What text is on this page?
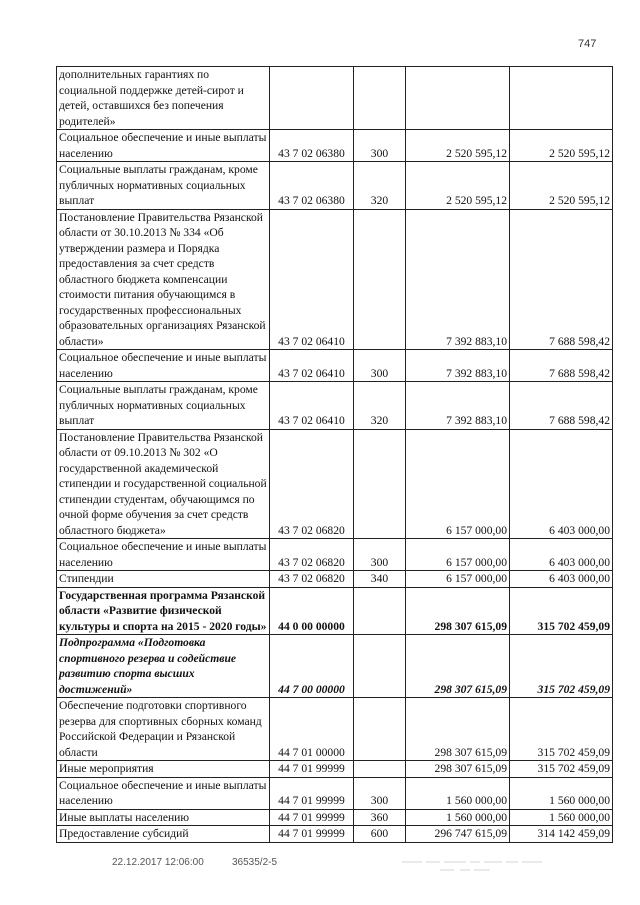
747
дополнительных гарантиях по социальной поддержке детей-сирот и детей, оставшихся без попечения родителей»				
Социальное обеспечение и иные выплаты населению	43 7 02 06380	300	2 520 595,12	2 520 595,12
Социальные выплаты гражданам, кроме публичных нормативных социальных выплат	43 7 02 06380	320	2 520 595,12	2 520 595,12
Постановление Правительства Рязанской области от 30.10.2013 № 334 «Об утверждении размера и Порядка предоставления за счет средств областного бюджета компенсации стоимости питания обучающимся в государственных профессиональных образовательных организациях Рязанской области»	43 7 02 06410		7 392 883,10	7 688 598,42
Социальное обеспечение и иные выплаты населению	43 7 02 06410	300	7 392 883,10	7 688 598,42
Социальные выплаты гражданам, кроме публичных нормативных социальных выплат	43 7 02 06410	320	7 392 883,10	7 688 598,42
Постановление Правительства Рязанской области от 09.10.2013 № 302 «О государственной академической стипендии и государственной социальной стипендии студентам, обучающимся по очной форме обучения за счет средств областного бюджета»	43 7 02 06820		6 157 000,00	6 403 000,00
Социальное обеспечение и иные выплаты населению	43 7 02 06820	300	6 157 000,00	6 403 000,00
Стипендии	43 7 02 06820	340	6 157 000,00	6 403 000,00
Государственная программа Рязанской области «Развитие физической культуры и спорта на 2015 - 2020 годы»	44 0 00 00000		298 307 615,09	315 702 459,09
Подпрограмма «Подготовка спортивного резерва и содействие развитию спорта высших достижений»	44 7 00 00000		298 307 615,09	315 702 459,09
Обеспечение подготовки спортивного резерва для спортивных сборных команд Российской Федерации и Рязанской области	44 7 01 00000		298 307 615,09	315 702 459,09
Иные мероприятия	44 7 01 99999		298 307 615,09	315 702 459,09
Социальное обеспечение и иные выплаты населению	44 7 01 99999	300	1 560 000,00	1 560 000,00
Иные выплаты населению	44 7 01 99999	360	1 560 000,00	1 560 000,00
Предоставление субсидий	44 7 01 99999	600	296 747 615,09	314 142 459,09
22.12.2017 12:06:00	36535/2-5
